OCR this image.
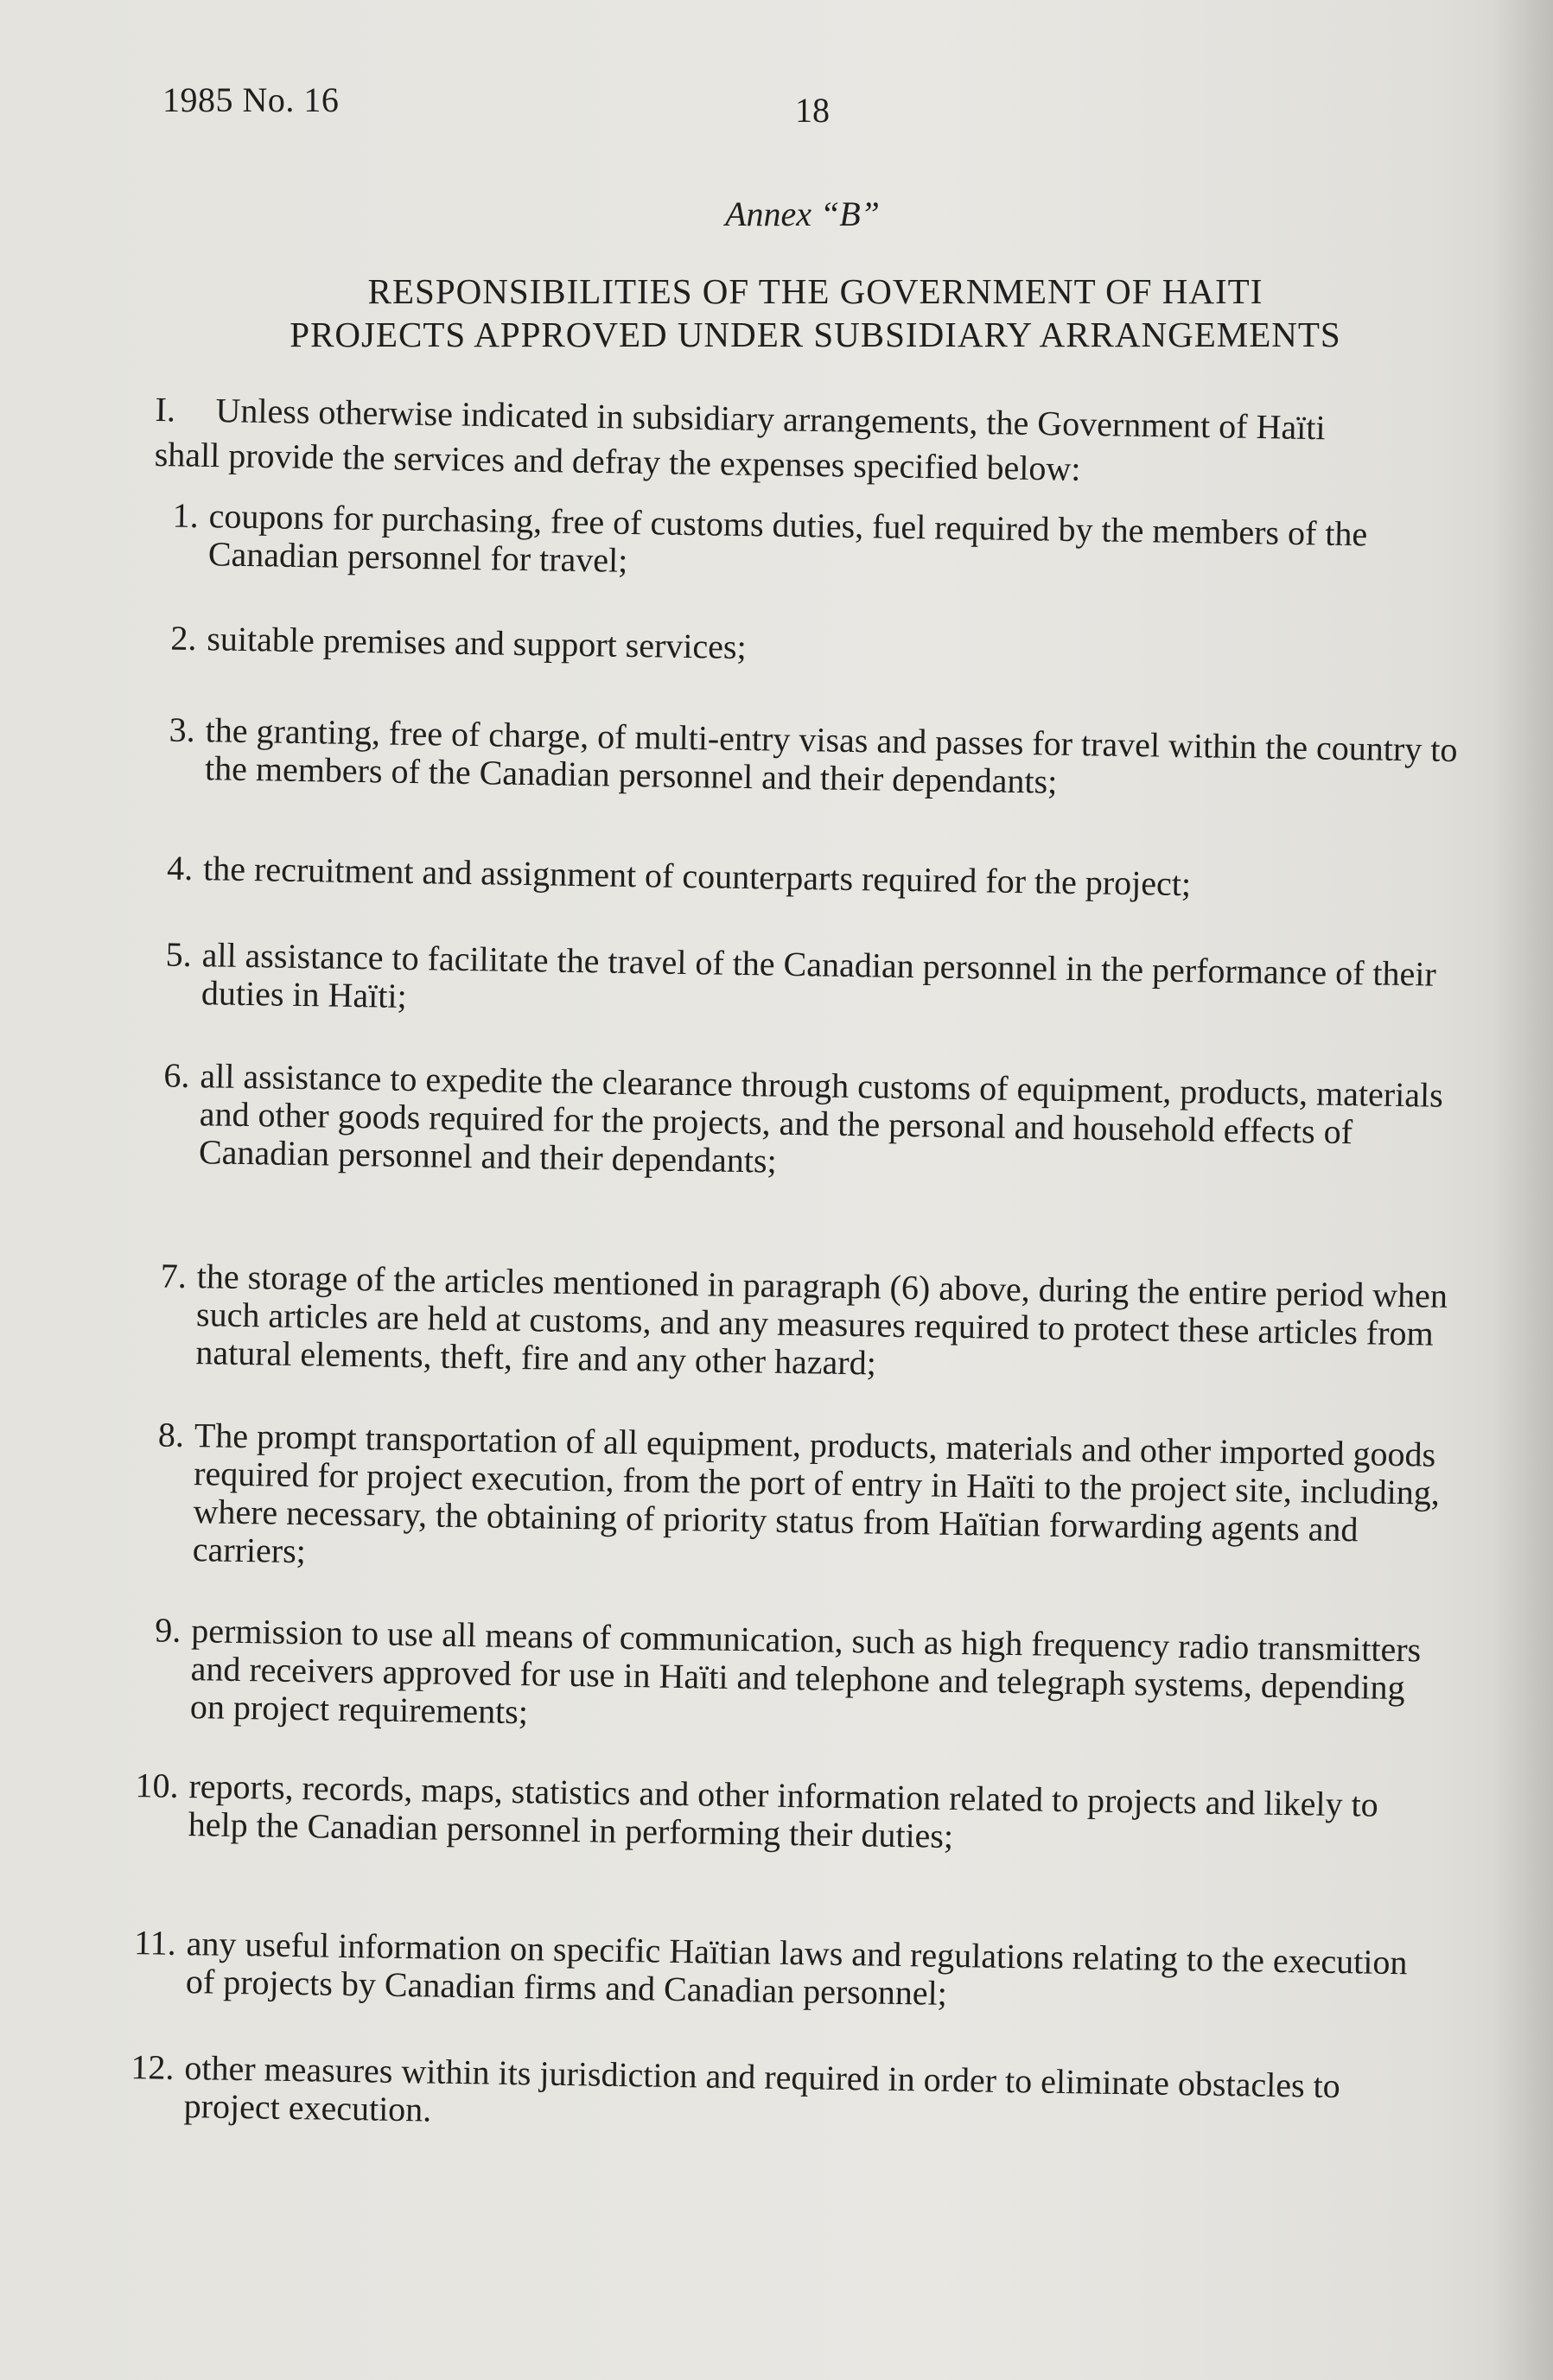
1985 No. 16	18
Annex “B”
RESPONSIBILITIES OF THE GOVERNMENT OF HAITI
PROJECTS APPROVED UNDER SUBSIDIARY ARRANGEMENTS
I. Unless otherwise indicated in subsidiary arrangements, the Government of Haïti
shall provide the services and defray the expenses specified below:
1. coupons for purchasing, free of customs duties, fuel required by the members of the Canadian personnel for travel;
2. suitable premises and support services;
3. the granting, free of charge, of multi-entry visas and passes for travel within the country to the members of the Canadian personnel and their dependants;
4. the recruitment and assignment of counterparts required for the project;
5. all assistance to facilitate the travel of the Canadian personnel in the performance of their duties in Haïti;
6. all assistance to expedite the clearance through customs of equipment, products, materials and other goods required for the projects, and the personal and household effects of Canadian personnel and their dependants;
7. the storage of the articles mentioned in paragraph (6) above, during the entire period when such articles are held at customs, and any measures required to protect these articles from natural elements, theft, fire and any other hazard;
8. The prompt transportation of all equipment, products, materials and other imported goods required for project execution, from the port of entry in Haïti to the project site, including, where necessary, the obtaining of priority status from Haïtian forwarding agents and carriers;
9. permission to use all means of communication, such as high frequency radio transmitters and receivers approved for use in Haïti and telephone and telegraph systems, depending on project requirements;
10. reports, records, maps, statistics and other information related to projects and likely to help the Canadian personnel in performing their duties;
11. any useful information on specific Haïtian laws and regulations relating to the execution of projects by Canadian firms and Canadian personnel;
12. other measures within its jurisdiction and required in order to eliminate obstacles to project execution.
